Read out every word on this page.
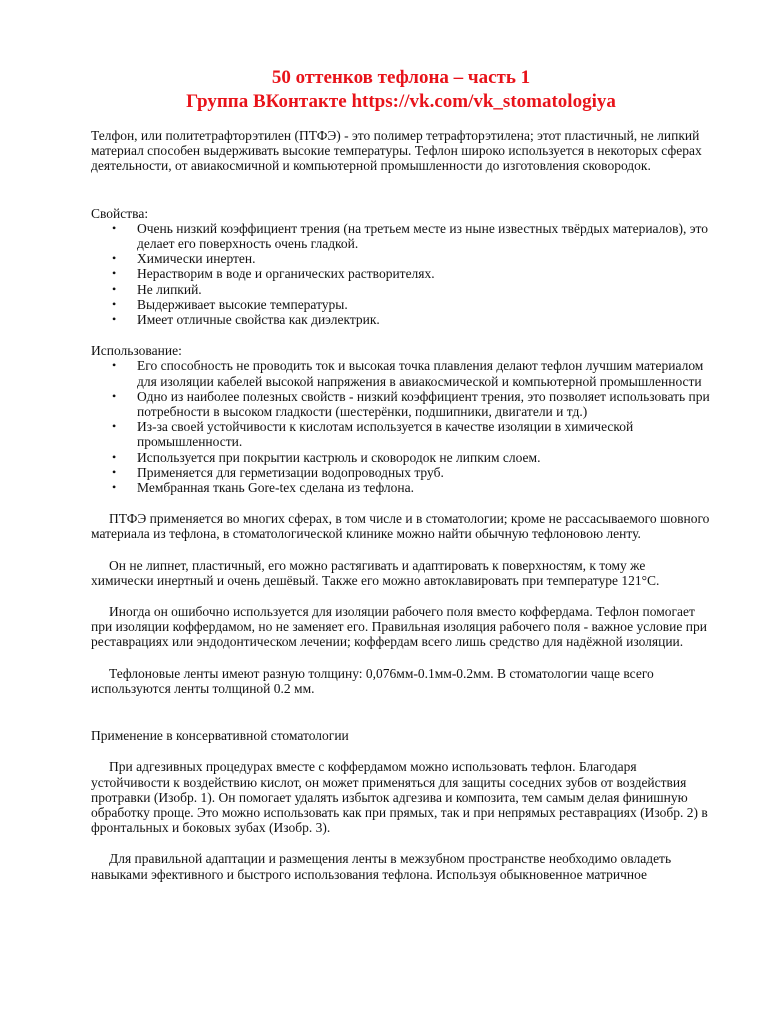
50 оттенков тефлона – часть 1
Группа ВКонтакте https://vk.com/vk_stomatologiya

Телфон, или политетрафторэтилен (ПТФЭ) - это полимер тетрафторэтилена; этот пластичный, не липкий материал способен выдерживать высокие температуры. Тефлон широко используется в некоторых сферах деятельности, от авиакосмичной и компьютерной промышленности до изготовления сковородок.

Свойства:

• Очень низкий коэффициент трения (на третьем месте из ныне известных твёрдых материалов), это делает его поверхность очень гладкой.
• Химически инертен.
• Нерастворим в воде и органических растворителях.
• Не липкий.
• Выдерживает высокие температуры.
• Имеет отличные свойства как диэлектрик.

Использование:

• Его способность не проводить ток и высокая точка плавления делают тефлон лучшим материалом для изоляции кабелей высокой напряжения в авиакосмической и компьютерной промышленности
• Одно из наиболее полезных свойств - низкий коэффициент трения, это позволяет использовать при потребности в высоком гладкости (шестерёнки, подшипники, двигатели и тд.)
• Из-за своей устойчивости к кислотам используется в качестве изоляции в химической промышленности.
• Используется при покрытии кастрюль и сковородок не липким слоем.
• Применяется для герметизации водопроводных труб.
• Мембранная ткань Gore-tex сделана из тефлона.

ПТФЭ применяется во многих сферах, в том числе и в стоматологии; кроме не рассасываемого шовного материала из тефлона, в стоматологической клинике можно найти обычную тефлоновою ленту.

Он не липнет, пластичный, его можно растягивать и адаптировать к поверхностям, к тому же химически инертный и очень дешёвый. Также его можно автоклавировать при температуре 121°C.

Иногда он ошибочно используется для изоляции рабочего поля вместо коффердама. Тефлон помогает при изоляции коффердамом, но не заменяет его. Правильная изоляция рабочего поля - важное условие при реставрациях или эндодонтическом лечении; коффердам всего лишь средство для надёжной изоляции.

Тефлоновые ленты имеют разную толщину: 0,076мм-0.1мм-0.2мм. В стоматологии чаще всего используются ленты толщиной 0.2 мм.

Применение в консервативной стоматологии

При адгезивных процедурах вместе с коффердамом можно использовать тефлон. Благодаря устойчивости к воздействию кислот, он может применяться для защиты соседних зубов от воздействия протравки (Изобр. 1). Он помогает удалять избыток адгезива и композита, тем самым делая финишную обработку проще. Это можно использовать как при прямых, так и при непрямых реставрациях (Изобр. 2) в фронтальных и боковых зубах (Изобр. 3).

Для правильной адаптации и размещения ленты в межзубном пространстве необходимо овладеть навыками эфективного и быстрого использования тефлона. Используя обыкновенное матричное
